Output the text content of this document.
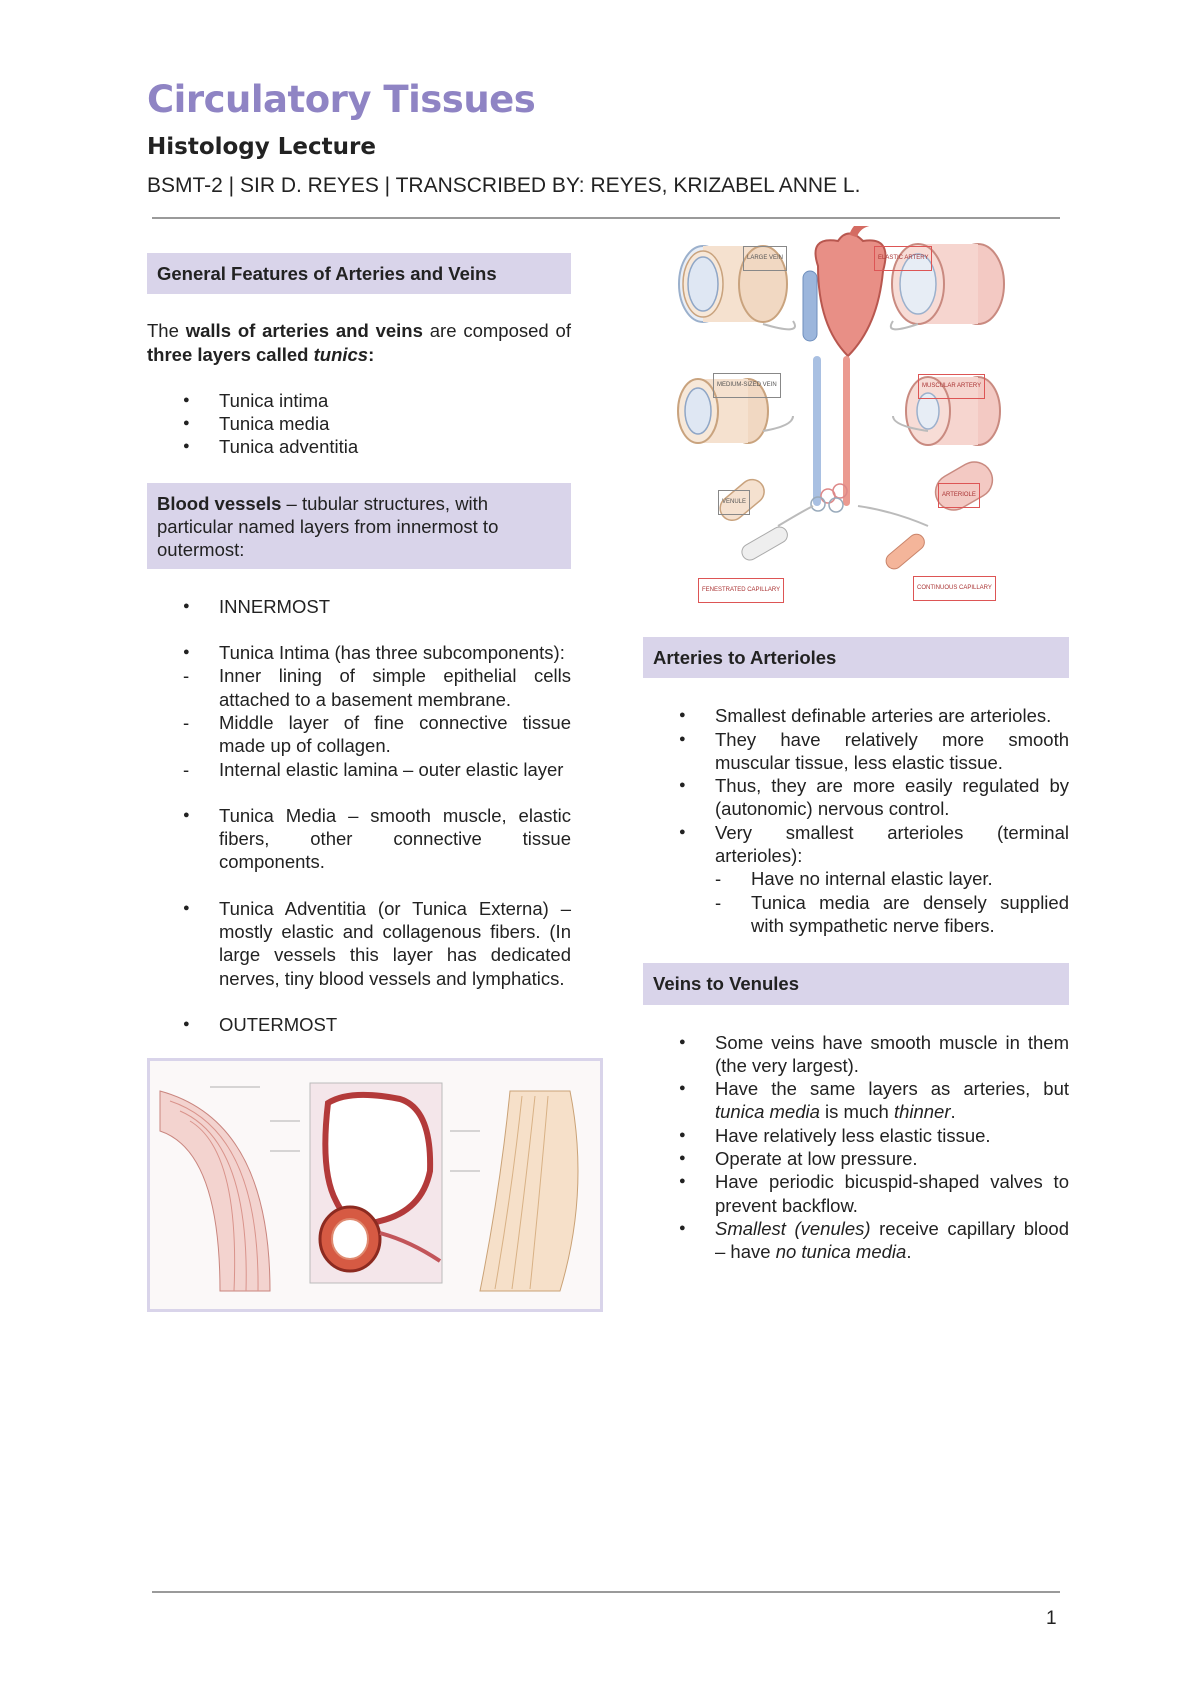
Circulatory Tissues
Histology Lecture
BSMT-2 | SIR D. REYES | TRANSCRIBED BY: REYES, KRIZABEL ANNE L.
General Features of Arteries and Veins
The walls of arteries and veins are composed of three layers called tunics:
● Tunica intima
● Tunica media
● Tunica adventitia
Blood vessels – tubular structures, with particular named layers from innermost to outermost:
● INNERMOST
● Tunica Intima (has three subcomponents):
- Inner lining of simple epithelial cells attached to a basement membrane.
- Middle layer of fine connective tissue made up of collagen.
- Internal elastic lamina – outer elastic layer
● Tunica Media – smooth muscle, elastic fibers, other connective tissue components.
● Tunica Adventitia (or Tunica Externa) – mostly elastic and collagenous fibers. (In large vessels this layer has dedicated nerves, tiny blood vessels and lymphatics.
● OUTERMOST
LARGE VEIN	ELASTIC ARTERY
MEDIUM-SIZED VEIN	MUSCULAR ARTERY
VENULE
ARTERIOLE
FENESTRATED CAPILLARY	CONTINUOUS CAPILLARY
Arteries to Arterioles
● Smallest definable arteries are arterioles.
● They have relatively more smooth muscular tissue, less elastic tissue.
● Thus, they are more easily regulated by (autonomic) nervous control.
● Very smallest arterioles (terminal arterioles):
- Have no internal elastic layer.
- Tunica media are densely supplied with sympathetic nerve fibers.
Veins to Venules
● Some veins have smooth muscle in them (the very largest).
● Have the same layers as arteries, but tunica media is much thinner.
● Have relatively less elastic tissue.
● Operate at low pressure.
● Have periodic bicuspid-shaped valves to prevent backflow.
● Smallest (venules) receive capillary blood – have no tunica media.
1
